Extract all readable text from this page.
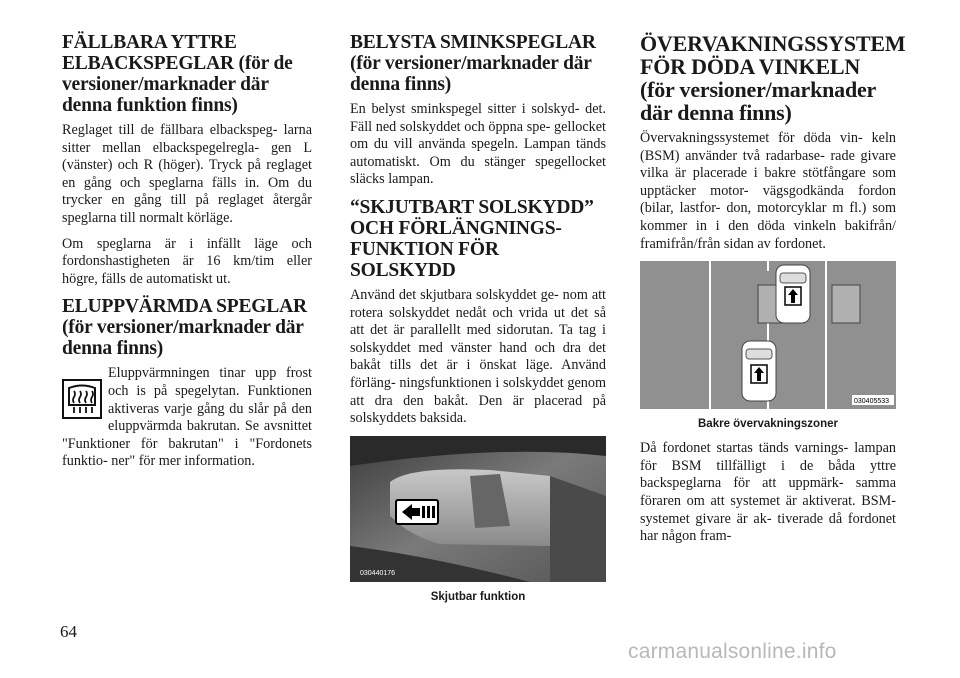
FÄLLBARA YTTRE ELBACKSPEGLAR (för de versioner/marknader där denna funktion finns)

Reglaget till de fällbara elbackspeg- larna sitter mellan elbackspegelregla- gen L (vänster) och R (höger). Tryck på reglaget en gång och speglarna fälls in. Om du trycker en gång till på reglaget återgår speglarna till normalt körläge.

Om speglarna är i infällt läge och fordonshastigheten är 16 km/tim eller högre, fälls de automatiskt ut.

ELUPPVÄRMDA SPEGLAR (för versioner/marknader där denna finns)

Eluppvärmningen tinar upp frost och is på spegelytan. Funktionen aktiveras varje gång du slår på den eluppvärmda bakrutan. Se avsnittet "Funktioner för bakrutan" i "Fordonets funktio- ner" för mer information.

BELYSTA SMINKSPEGLAR (för versioner/marknader där denna finns)

En belyst sminkspegel sitter i solskyd- det. Fäll ned solskyddet och öppna spe- gellocket om du vill använda spegeln. Lampan tänds automatiskt. Om du stänger spegellocket släcks lampan.

“SKJUTBART SOLSKYDD” OCH FÖRLÄNGNINGS- FUNKTION FÖR SOLSKYDD

Använd det skjutbara solskyddet ge- nom att rotera solskyddet nedåt och vrida ut det så att det är parallellt med sidorutan. Ta tag i solskyddet med vänster hand och dra det bakåt tills det är i önskat läge. Använd förläng- ningsfunktionen i solskyddet genom att dra den bakåt. Den är placerad på solskyddets baksida.

030440176
Skjutbar funktion
ÖVERVAKNINGSSYSTEM FÖR DÖDA VINKELN (för versioner/marknader där denna finns)

Övervakningssystemet för döda vin- keln (BSM) använder två radarbase- rade givare vilka är placerade i bakre stötfångare som upptäcker motor- vägsgodkända fordon (bilar, lastfor- don, motorcyklar m fl.) som kommer in i den döda vinkeln bakifrån/ framifrån/från sidan av fordonet.

030405533
Bakre övervakningszoner

Då fordonet startas tänds varnings- lampan för BSM tillfälligt i de båda yttre backspeglarna för att uppmärk- samma föraren om att systemet är aktiverat. BSM-systemet givare är ak- tiverade då fordonet har någon fram-

64
carmanualsonline.info
